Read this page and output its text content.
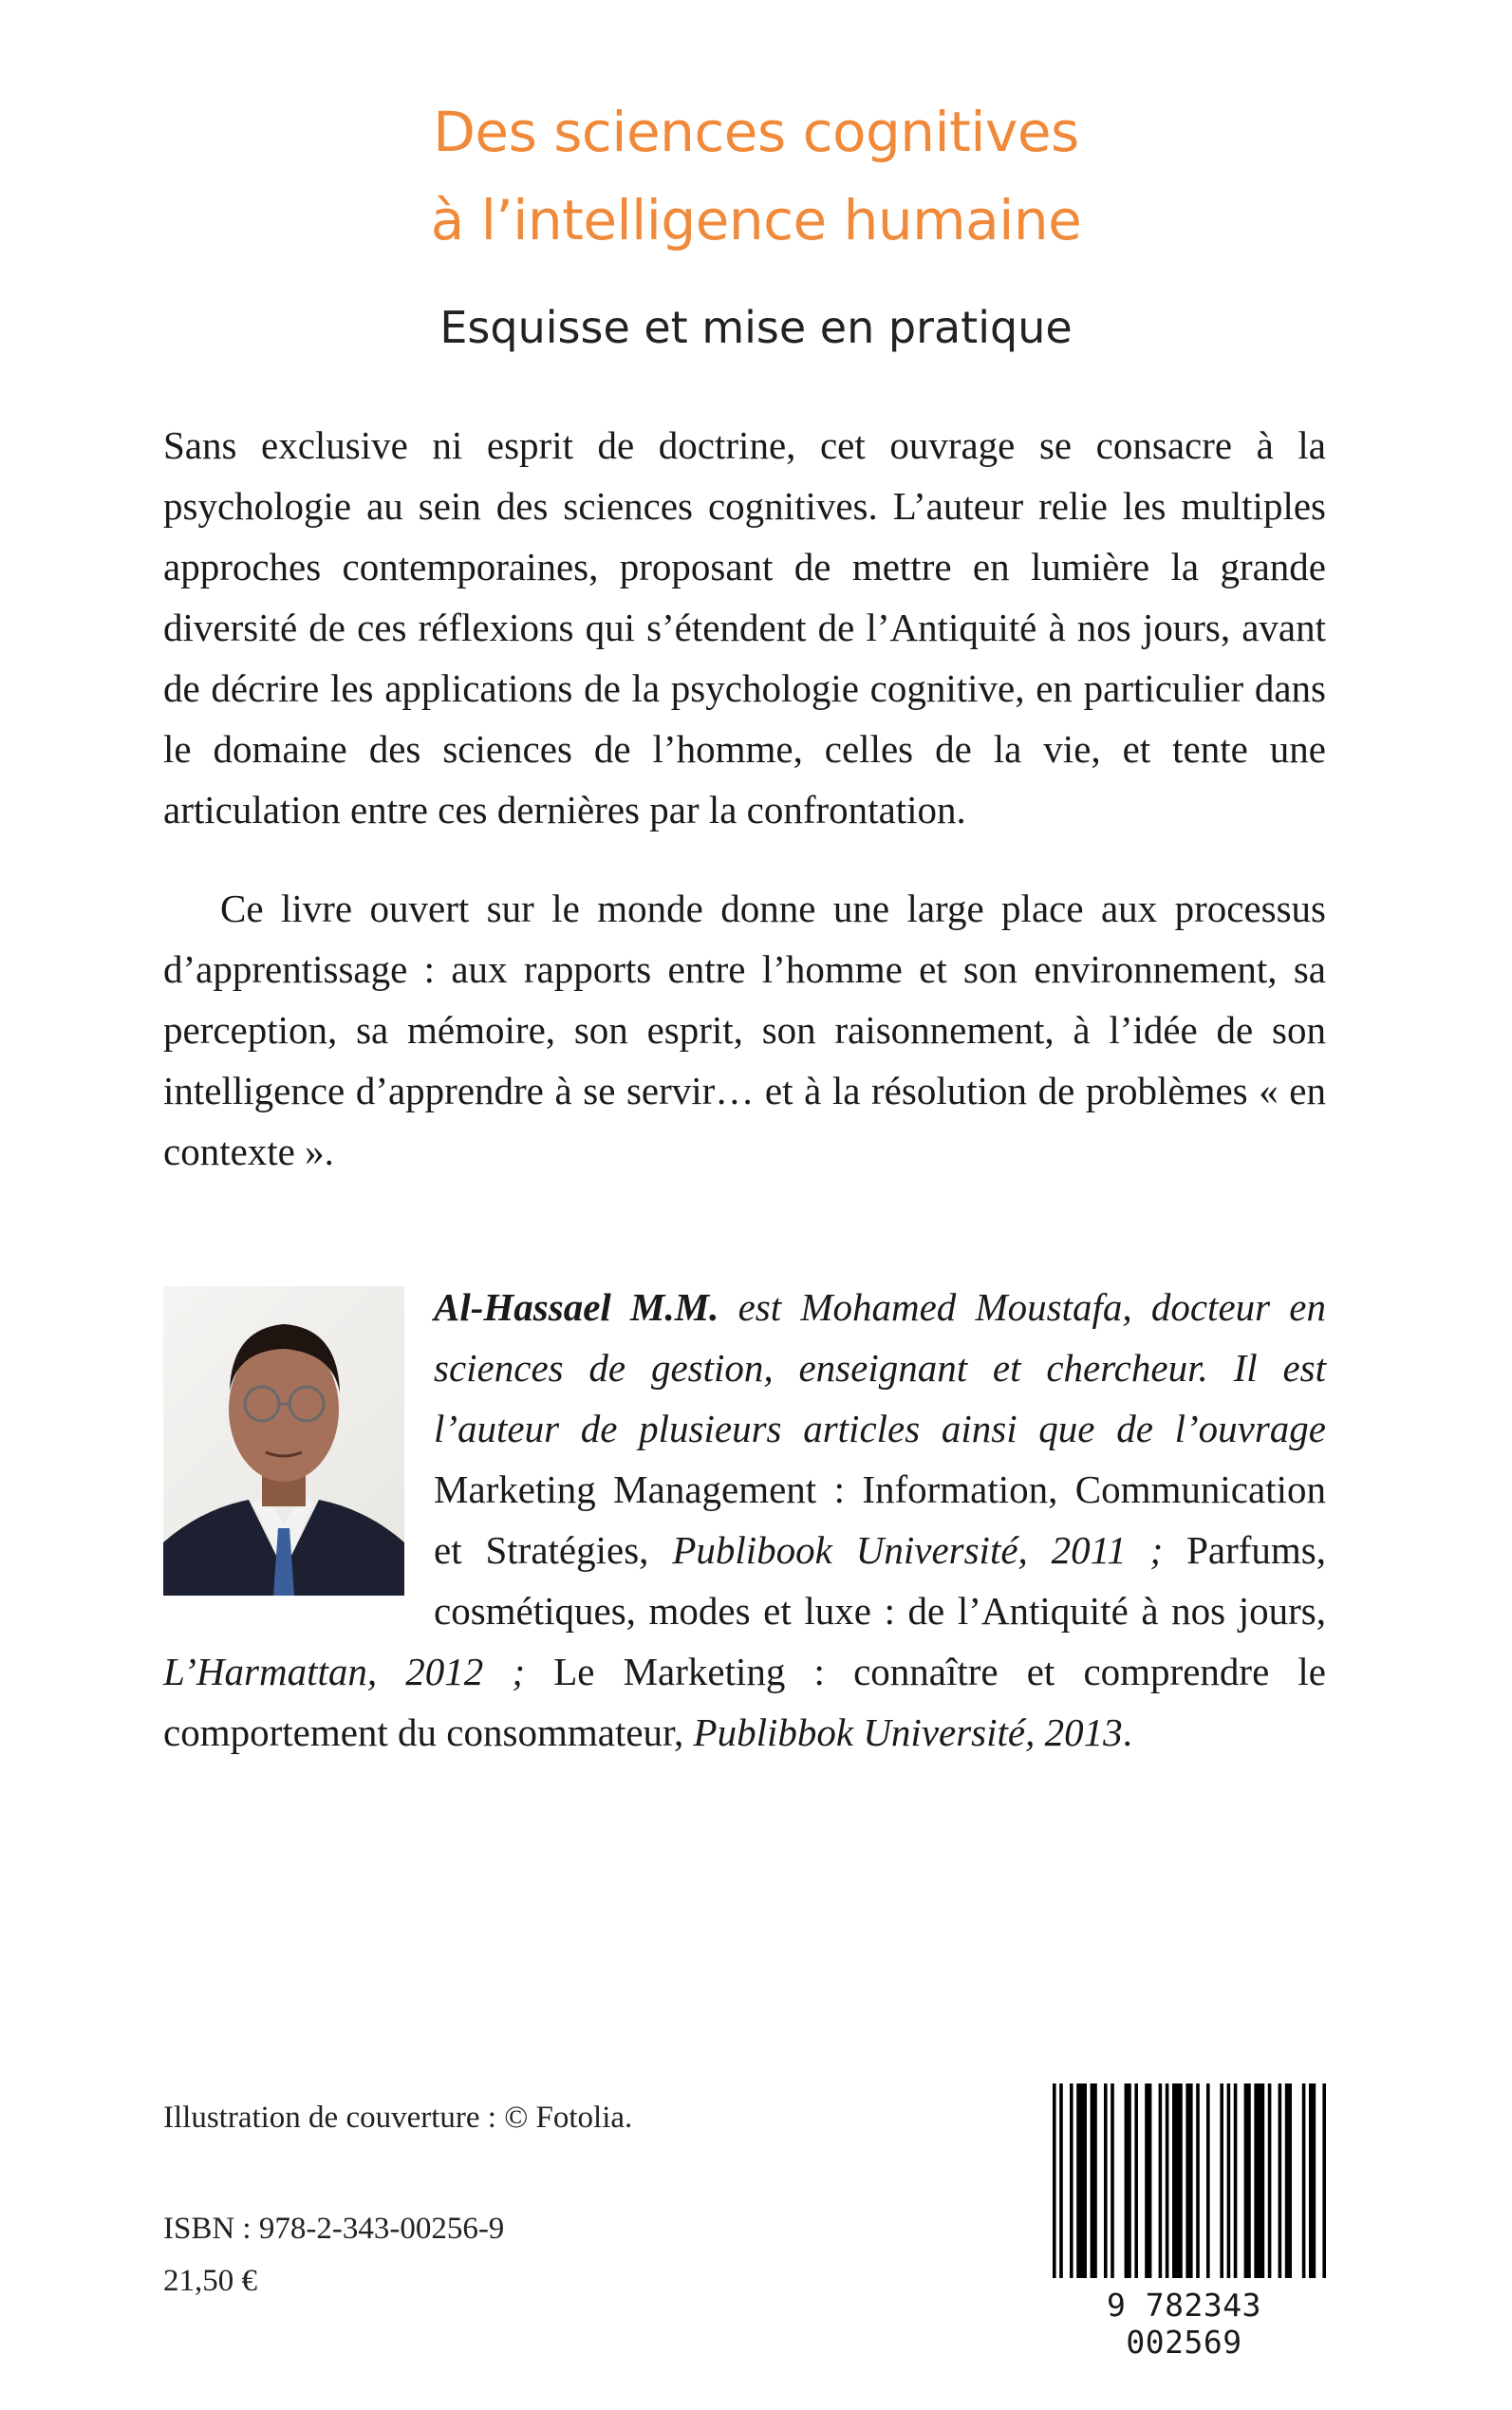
Des sciences cognitives
à l’intelligence humaine
Esquisse et mise en pratique

Sans exclusive ni esprit de doctrine, cet ouvrage se consacre à la psychologie au sein des sciences cognitives. L’auteur relie les multiples approches contemporaines, proposant de mettre en lumière la grande diversité de ces réflexions qui s’étendent de l’Antiquité à nos jours, avant de décrire les applications de la psychologie cognitive, en particulier dans le domaine des sciences de l’homme, celles de la vie, et tente une articulation entre ces dernières par la confrontation.

Ce livre ouvert sur le monde donne une large place aux processus d’apprentissage : aux rapports entre l’homme et son environnement, sa perception, sa mémoire, son esprit, son raisonnement, à l’idée de son intelligence d’apprendre à se servir… et à la résolution de problèmes « en contexte ».

Al-Hassael M.M. est Mohamed Moustafa, docteur en sciences de gestion, enseignant et chercheur. Il est l’auteur de plusieurs articles ainsi que de l’ouvrage Marketing Management : Information, Communication et Stratégies, Publibook Université, 2011 ; Parfums, cosmétiques, modes et luxe : de l’Antiquité à nos jours, L’Harmattan, 2012 ; Le Marketing : connaître et comprendre le comportement du consommateur, Publibbok Université, 2013.
Illustration de couverture : © Fotolia.
ISBN : 978-2-343-00256-9
21,50 €
9 782343 002569
